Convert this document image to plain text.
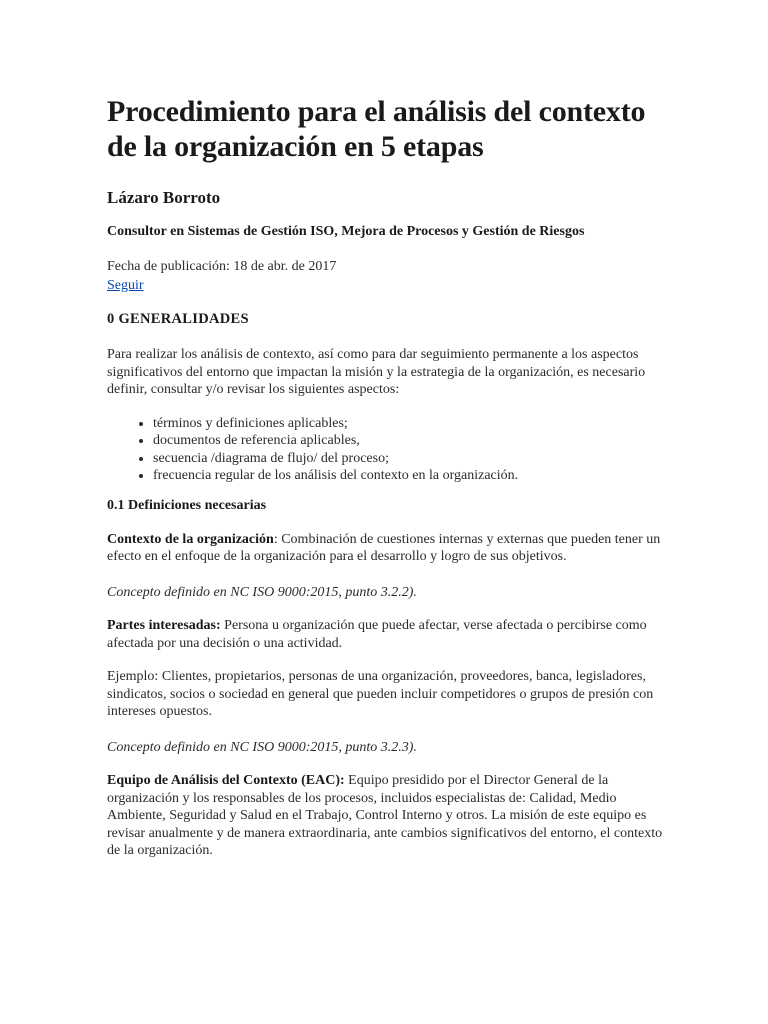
Procedimiento para el análisis del contexto de la organización en 5 etapas
Lázaro Borroto
Consultor en Sistemas de Gestión ISO, Mejora de Procesos y Gestión de Riesgos
Fecha de publicación: 18 de abr. de 2017
Seguir
0 GENERALIDADES

Para realizar los análisis de contexto, así como para dar seguimiento permanente a los aspectos significativos del entorno que impactan la misión y la estrategia de la organización, es necesario definir, consultar y/o revisar los siguientes aspectos:

• términos y definiciones aplicables;
• documentos de referencia aplicables,
• secuencia /diagrama de flujo/ del proceso;
• frecuencia regular de los análisis del contexto en la organización.
0.1 Definiciones necesarias

Contexto de la organización: Combinación de cuestiones internas y externas que pueden tener un efecto en el enfoque de la organización para el desarrollo y logro de sus objetivos.

Concepto definido en NC ISO 9000:2015, punto 3.2.2).

Partes interesadas: Persona u organización que puede afectar, verse afectada o percibirse como afectada por una decisión o una actividad.

Ejemplo: Clientes, propietarios, personas de una organización, proveedores, banca, legisladores, sindicatos, socios o sociedad en general que pueden incluir competidores o grupos de presión con intereses opuestos.

Concepto definido en NC ISO 9000:2015, punto 3.2.3).

Equipo de Análisis del Contexto (EAC): Equipo presidido por el Director General de la organización y los responsables de los procesos, incluidos especialistas de: Calidad, Medio Ambiente, Seguridad y Salud en el Trabajo, Control Interno y otros. La misión de este equipo es revisar anualmente y de manera extraordinaria, ante cambios significativos del entorno, el contexto de la organización.
